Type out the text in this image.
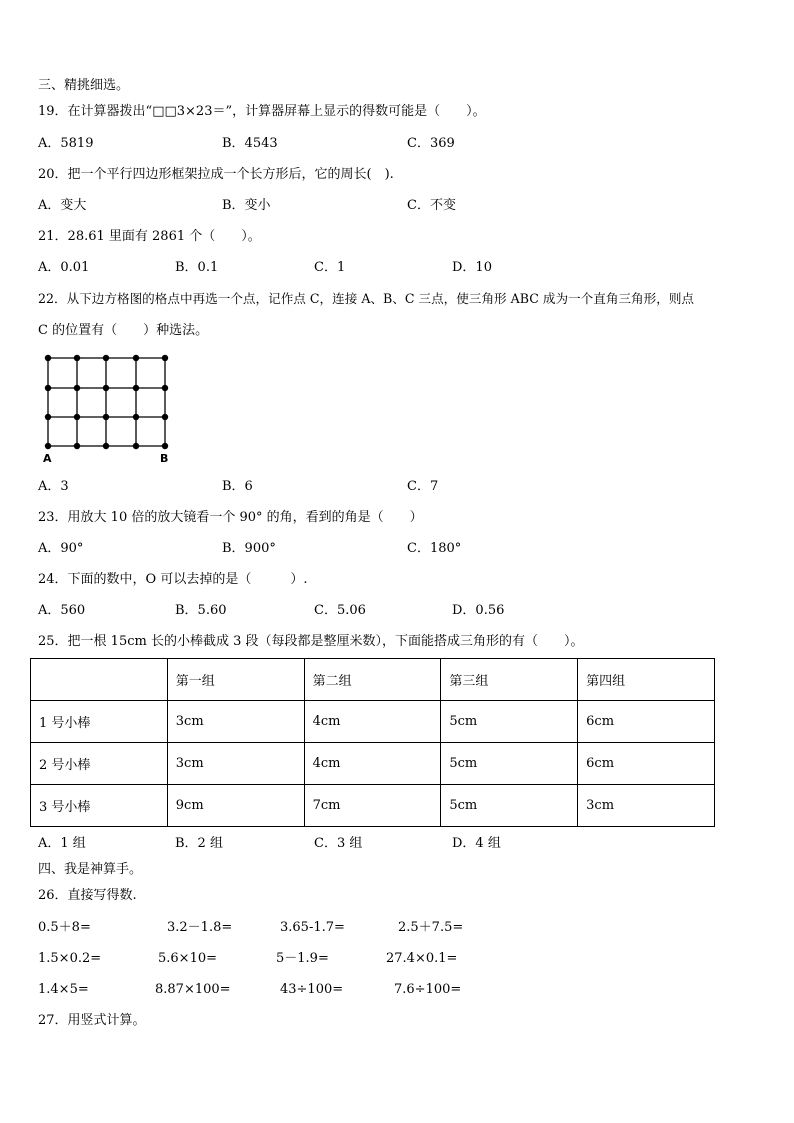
三、精挑细选。
19．在计算器拨出“□□3×23＝”，计算器屏幕上显示的得数可能是（　　）。
A．5819	B．4543	C．369
20．把一个平行四边形框架拉成一个长方形后，它的周长(　).
A．变大	B．变小	C．不变
21．28.61 里面有 2861 个（　　）。
A．0.01	B．0.1	C．1	D．10
22．从下边方格图的格点中再选一个点，记作点 C，连接 A、B、C 三点，使三角形 ABC 成为一个直角三角形，则点
C 的位置有（　　）种选法。
A	B
A．3	B．6	C．7
23．用放大 10 倍的放大镜看一个 90° 的角，看到的角是（　　）
A．90°	B．900°	C．180°
24．下面的数中，O 可以去掉的是（　　　）.
A．560	B．5.60	C．5.06	D．0.56
25．把一根 15cm 长的小棒截成 3 段（每段都是整厘米数），下面能搭成三角形的有（　　）。
	第一组	第二组	第三组	第四组
1 号小棒	3cm	4cm	5cm	6cm
2 号小棒	3cm	4cm	5cm	6cm
3 号小棒	9cm	7cm	5cm	3cm
A．1 组	B．2 组	C．3 组	D．4 组
四、我是神算手。
26．直接写得数.
0.5＋8=	3.2－1.8=	3.65-1.7=	2.5＋7.5=
1.5×0.2=	5.6×10=	5－1.9=	27.4×0.1=
1.4×5=	8.87×100=	43÷100=	7.6÷100=
27．用竖式计算。
